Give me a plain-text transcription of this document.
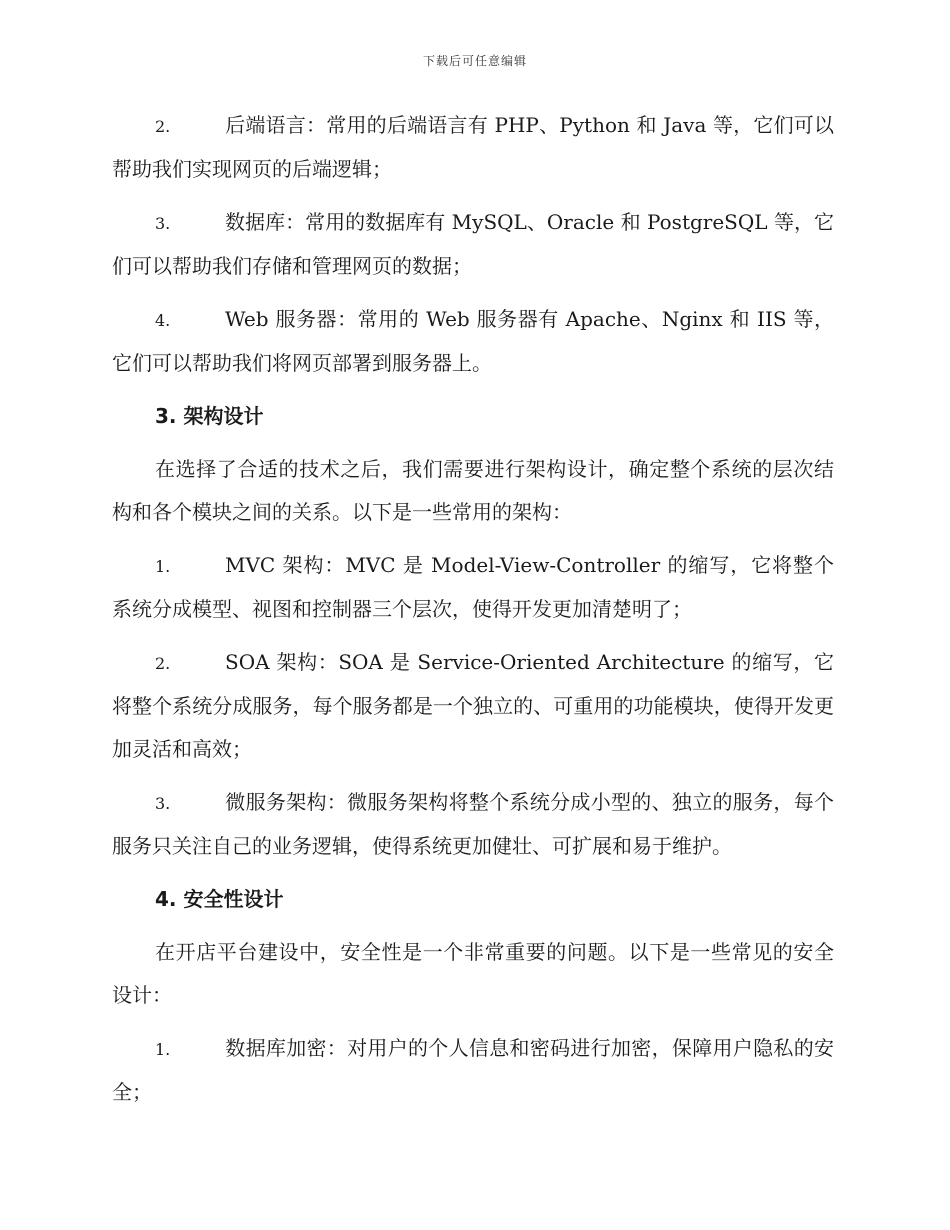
下载后可任意编辑

2.	后端语言：常用的后端语言有 PHP、Python 和 Java 等，它们可以帮助我们实现网页的后端逻辑；

3.	数据库：常用的数据库有 MySQL、Oracle 和 PostgreSQL 等，它们可以帮助我们存储和管理网页的数据；

4.	Web 服务器：常用的 Web 服务器有 Apache、Nginx 和 IIS 等，它们可以帮助我们将网页部署到服务器上。

3. 架构设计

在选择了合适的技术之后，我们需要进行架构设计，确定整个系统的层次结构和各个模块之间的关系。以下是一些常用的架构：

1.	MVC 架构：MVC 是 Model-View-Controller 的缩写，它将整个系统分成模型、视图和控制器三个层次，使得开发更加清楚明了；

2.	SOA 架构：SOA 是 Service-Oriented Architecture 的缩写，它将整个系统分成服务，每个服务都是一个独立的、可重用的功能模块，使得开发更加灵活和高效；

3.	微服务架构：微服务架构将整个系统分成小型的、独立的服务，每个服务只关注自己的业务逻辑，使得系统更加健壮、可扩展和易于维护。

4. 安全性设计

在开店平台建设中，安全性是一个非常重要的问题。以下是一些常见的安全设计：

1.	数据库加密：对用户的个人信息和密码进行加密，保障用户隐私的安全；
